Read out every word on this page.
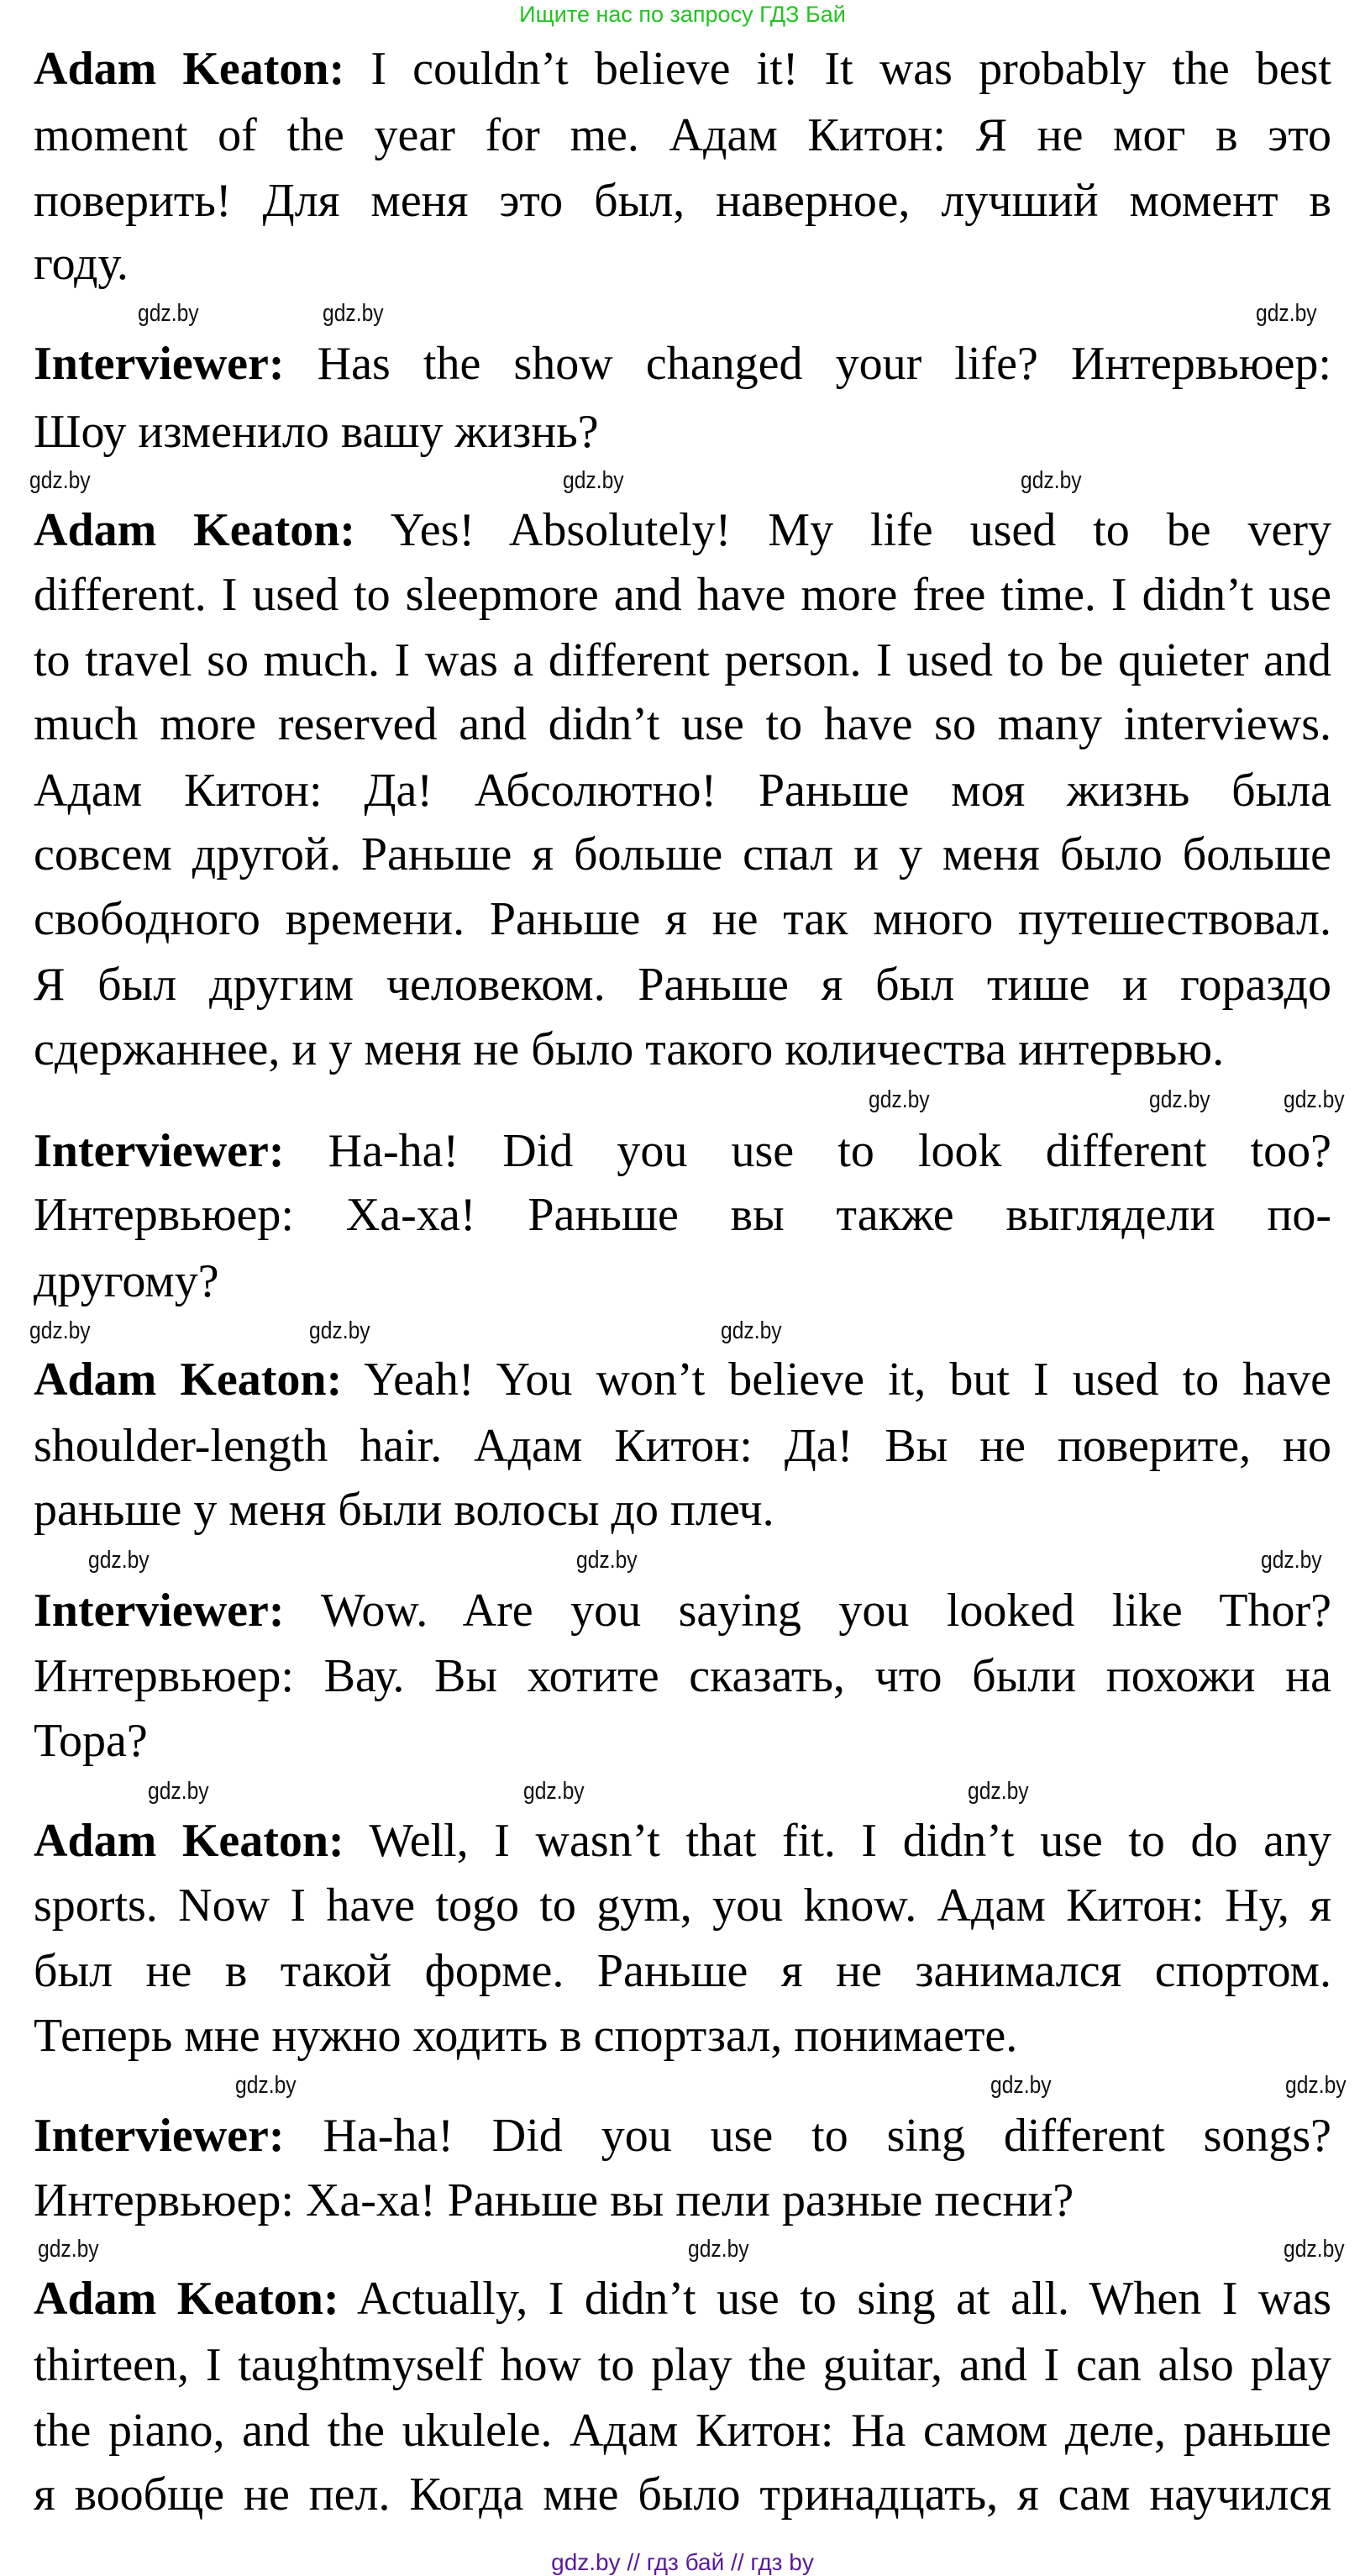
Ищите нас по запросу ГДЗ Бай
Adam Keaton: I couldn’t believe it! It was probably the best
moment of the year for me. Адам Китон: Я не мог в это
поверить! Для меня это был, наверное, лучший момент в
году.
Interviewer: Has the show changed your life? Интервьюер:
Шоу изменило вашу жизнь?
Adam Keaton: Yes! Absolutely! My life used to be very
different. I used to sleepmore and have more free time. I didn’t use
to travel so much. I was a different person. I used to be quieter and
much more reserved and didn’t use to have so many interviews.
Адам Китон: Да! Абсолютно! Раньше моя жизнь была
совсем другой. Раньше я больше спал и у меня было больше
свободного времени. Раньше я не так много путешествовал.
Я был другим человеком. Раньше я был тише и гораздо
сдержаннее, и у меня не было такого количества интервью.
Interviewer: Ha-ha! Did you use to look different too?
Интервьюер: Ха-ха! Раньше вы также выглядели по-
другому?
Adam Keaton: Yeah! You won’t believe it, but I used to have
shoulder-length hair. Адам Китон: Да! Вы не поверите, но
раньше у меня были волосы до плеч.
Interviewer: Wow. Are you saying you looked like Thor?
Интервьюер: Вау. Вы хотите сказать, что были похожи на
Тора?
Adam Keaton: Well, I wasn’t that fit. I didn’t use to do any
sports. Now I have togo to gym, you know. Адам Китон: Ну, я
был не в такой форме. Раньше я не занимался спортом.
Теперь мне нужно ходить в спортзал, понимаете.
Interviewer: Ha-ha! Did you use to sing different songs?
Интервьюер: Ха-ха! Раньше вы пели разные песни?
Adam Keaton: Actually, I didn’t use to sing at all. When I was
thirteen, I taughtmyself how to play the guitar, and I can also play
the piano, and the ukulele. Адам Китон: На самом деле, раньше
я вообще не пел. Когда мне было тринадцать, я сам научился
gdz.by
gdz.by
gdz.by
gdz.by
gdz.by	gdz.by
gdz.by	gdz.by	gdz.by
gdz.by	gdz.by	gdz.by
gdz.by
gdz.by	gdz.by
gdz.by
gdz.by	gdz.by
gdz.by
gdz.by
gdz.by
gdz.by
gdz.by	gdz.by
gdz.by // гдз бай // гдз by
